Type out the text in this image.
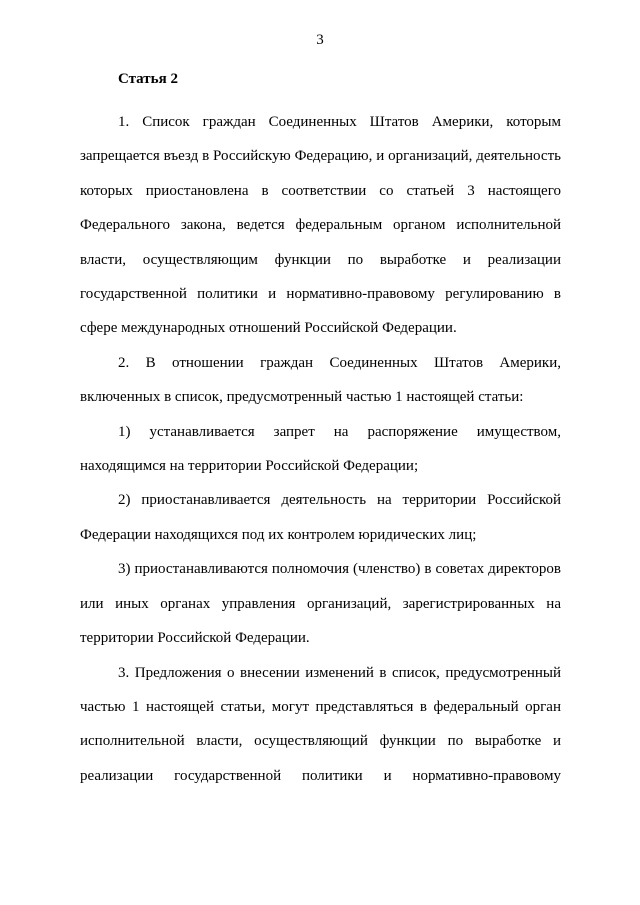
3
Статья 2

1. Список граждан Соединенных Штатов Америки, которым запрещается въезд в Российскую Федерацию, и организаций, деятельность которых приостановлена в соответствии со статьей 3 настоящего Федерального закона, ведется федеральным органом исполнительной власти, осуществляющим функции по выработке и реализации государственной политики и нормативно-правовому регулированию в сфере международных отношений Российской Федерации.

2. В отношении граждан Соединенных Штатов Америки, включенных в список, предусмотренный частью 1 настоящей статьи:

1) устанавливается запрет на распоряжение имуществом, находящимся на территории Российской Федерации;

2) приостанавливается деятельность на территории Российской Федерации находящихся под их контролем юридических лиц;

3) приостанавливаются полномочия (членство) в советах директоров или иных органах управления организаций, зарегистрированных на территории Российской Федерации.

3. Предложения о внесении изменений в список, предусмотренный частью 1 настоящей статьи, могут представляться в федеральный орган исполнительной власти, осуществляющий функции по выработке и реализации государственной политики и нормативно-правовому
